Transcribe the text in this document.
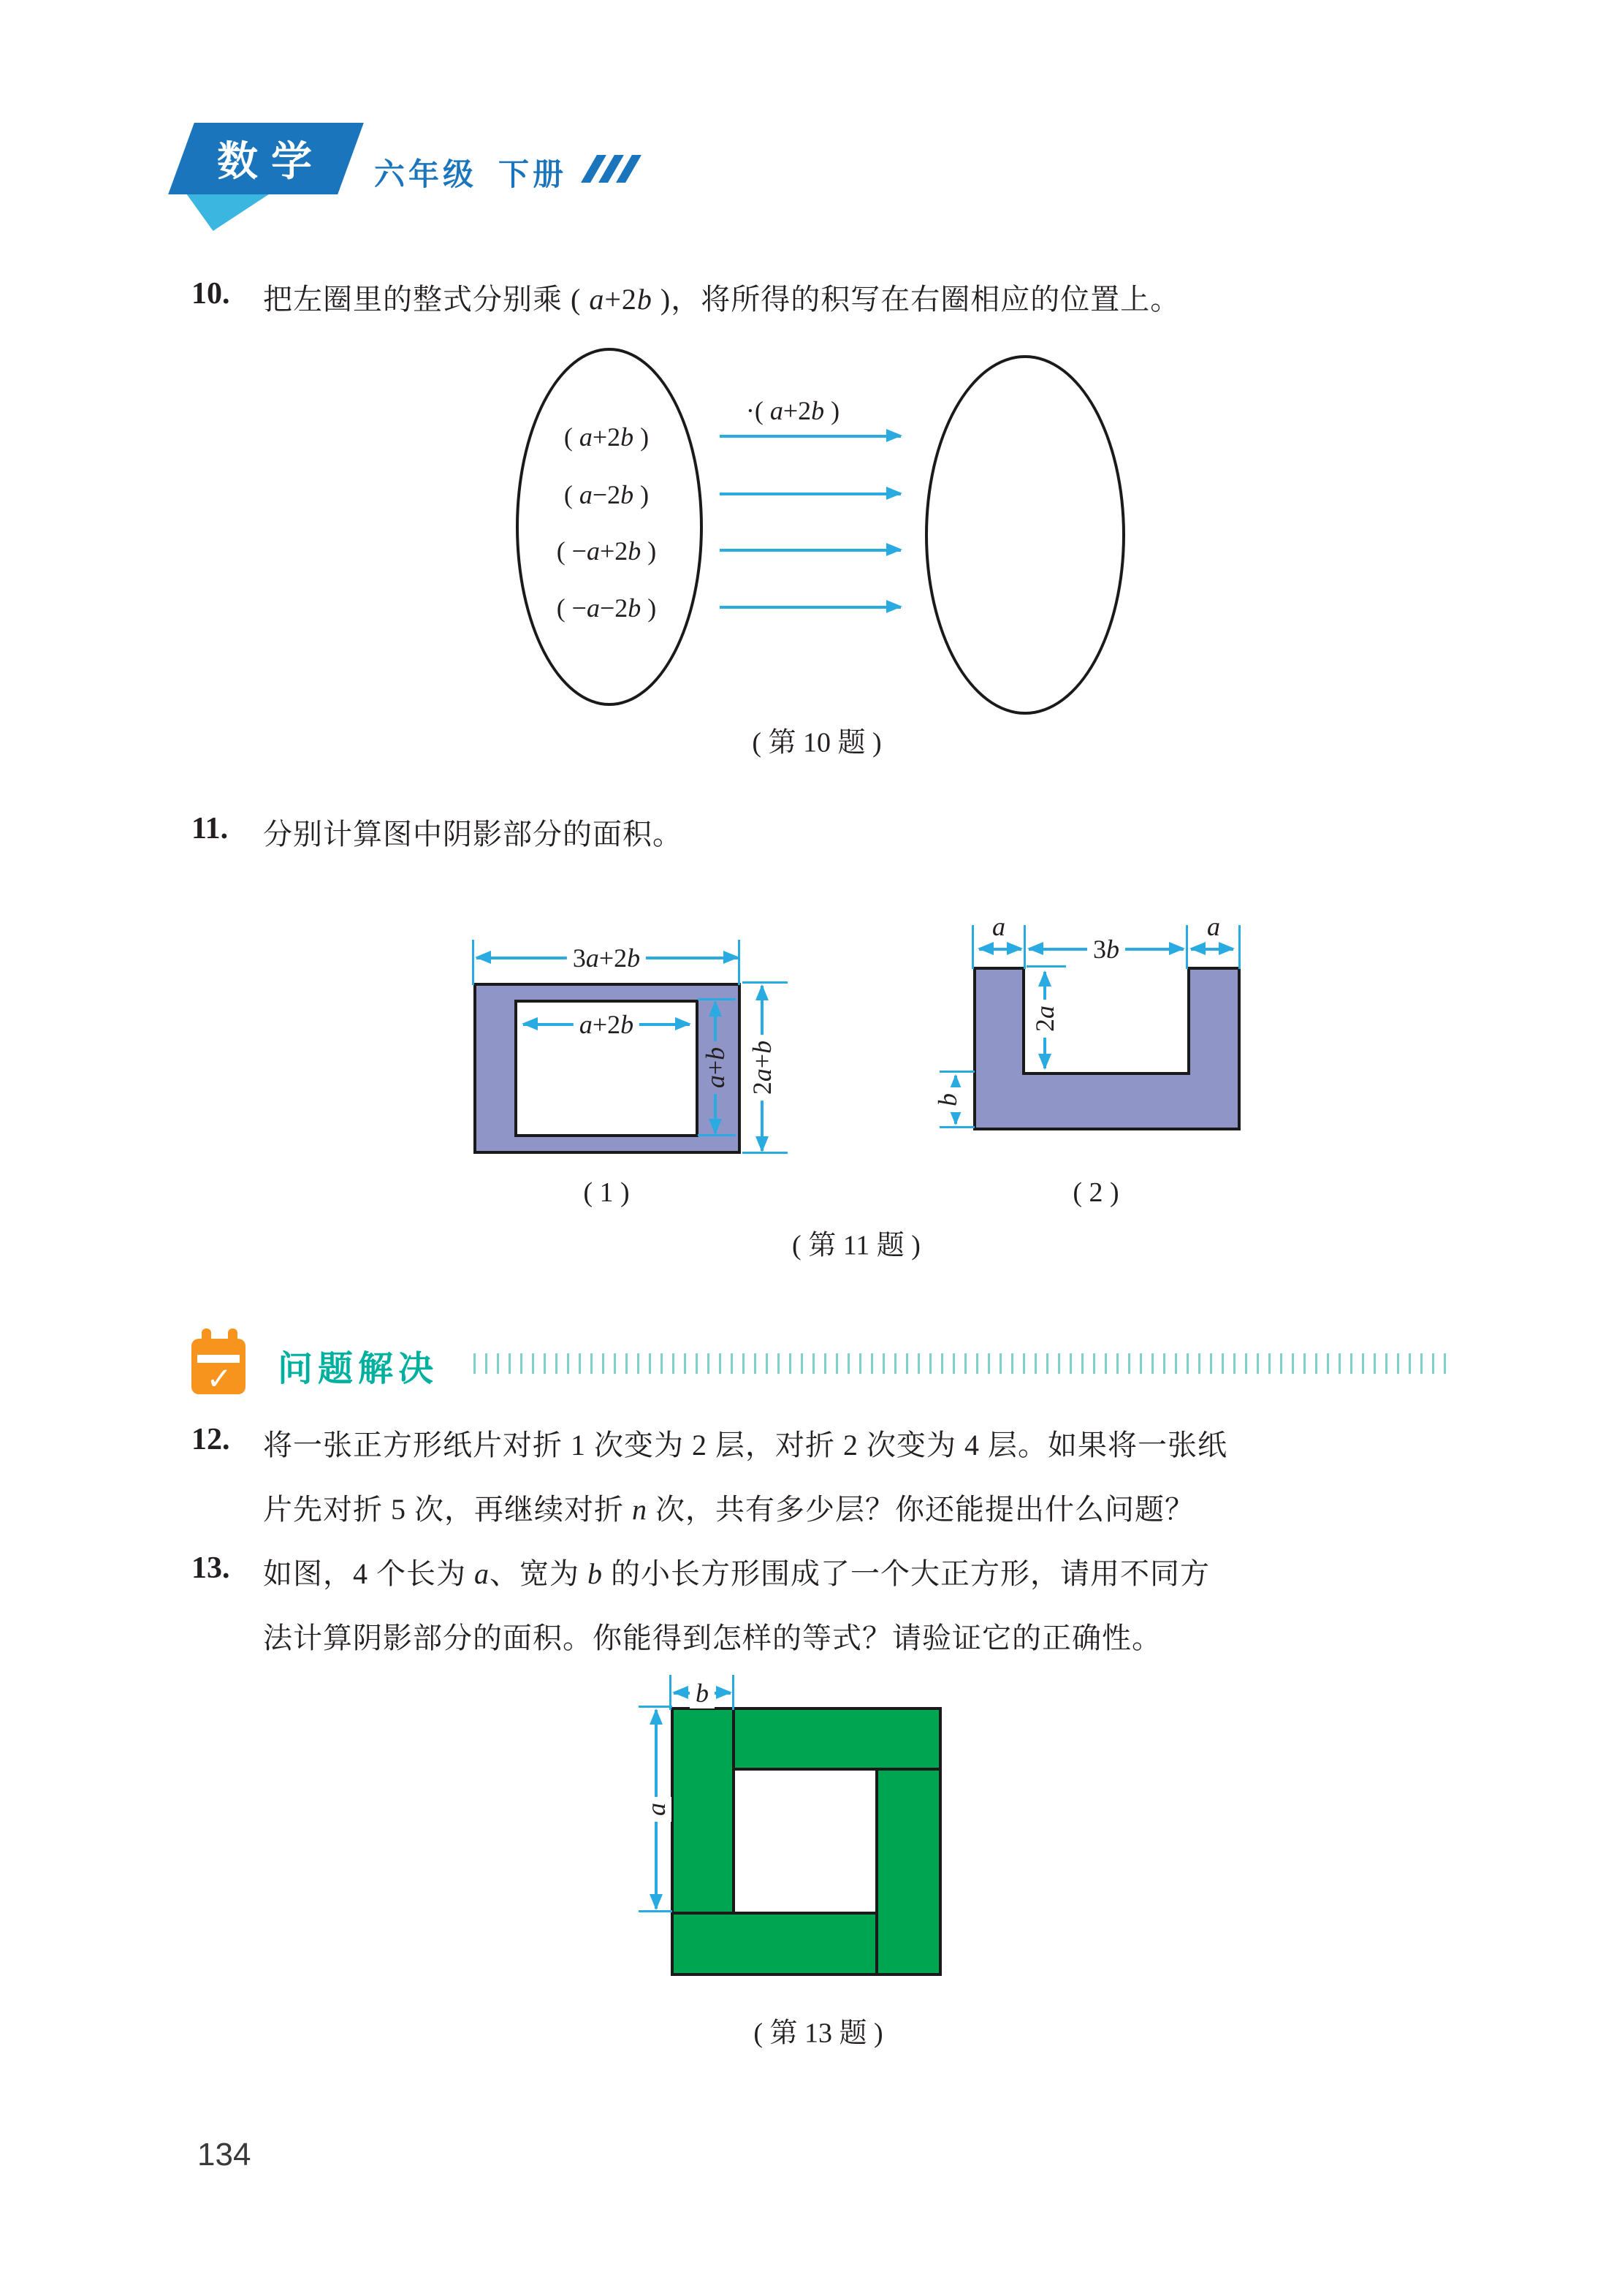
数学 六年级 下册
10. 把左圈里的整式分别乘 ( a+2b )，将所得的积写在右圈相应的位置上。
( a+2b )
( a−2b )
( −a+2b )
( −a−2b )
·( a+2b )
( 第 10 题 )
11. 分别计算图中阴影部分的面积。
3a+2b
a+2b
a+b
2a+b
( 1 )
a
3b
a
2a
b
( 2 )
( 第 11 题 )
✓ 问题解决
12. 将一张正方形纸片对折 1 次变为 2 层，对折 2 次变为 4 层。如果将一张纸
片先对折 5 次，再继续对折 n 次，共有多少层？你还能提出什么问题？
13. 如图，4 个长为 a、宽为 b 的小长方形围成了一个大正方形，请用不同方
法计算阴影部分的面积。你能得到怎样的等式？请验证它的正确性。
b
a
( 第 13 题 )
134
